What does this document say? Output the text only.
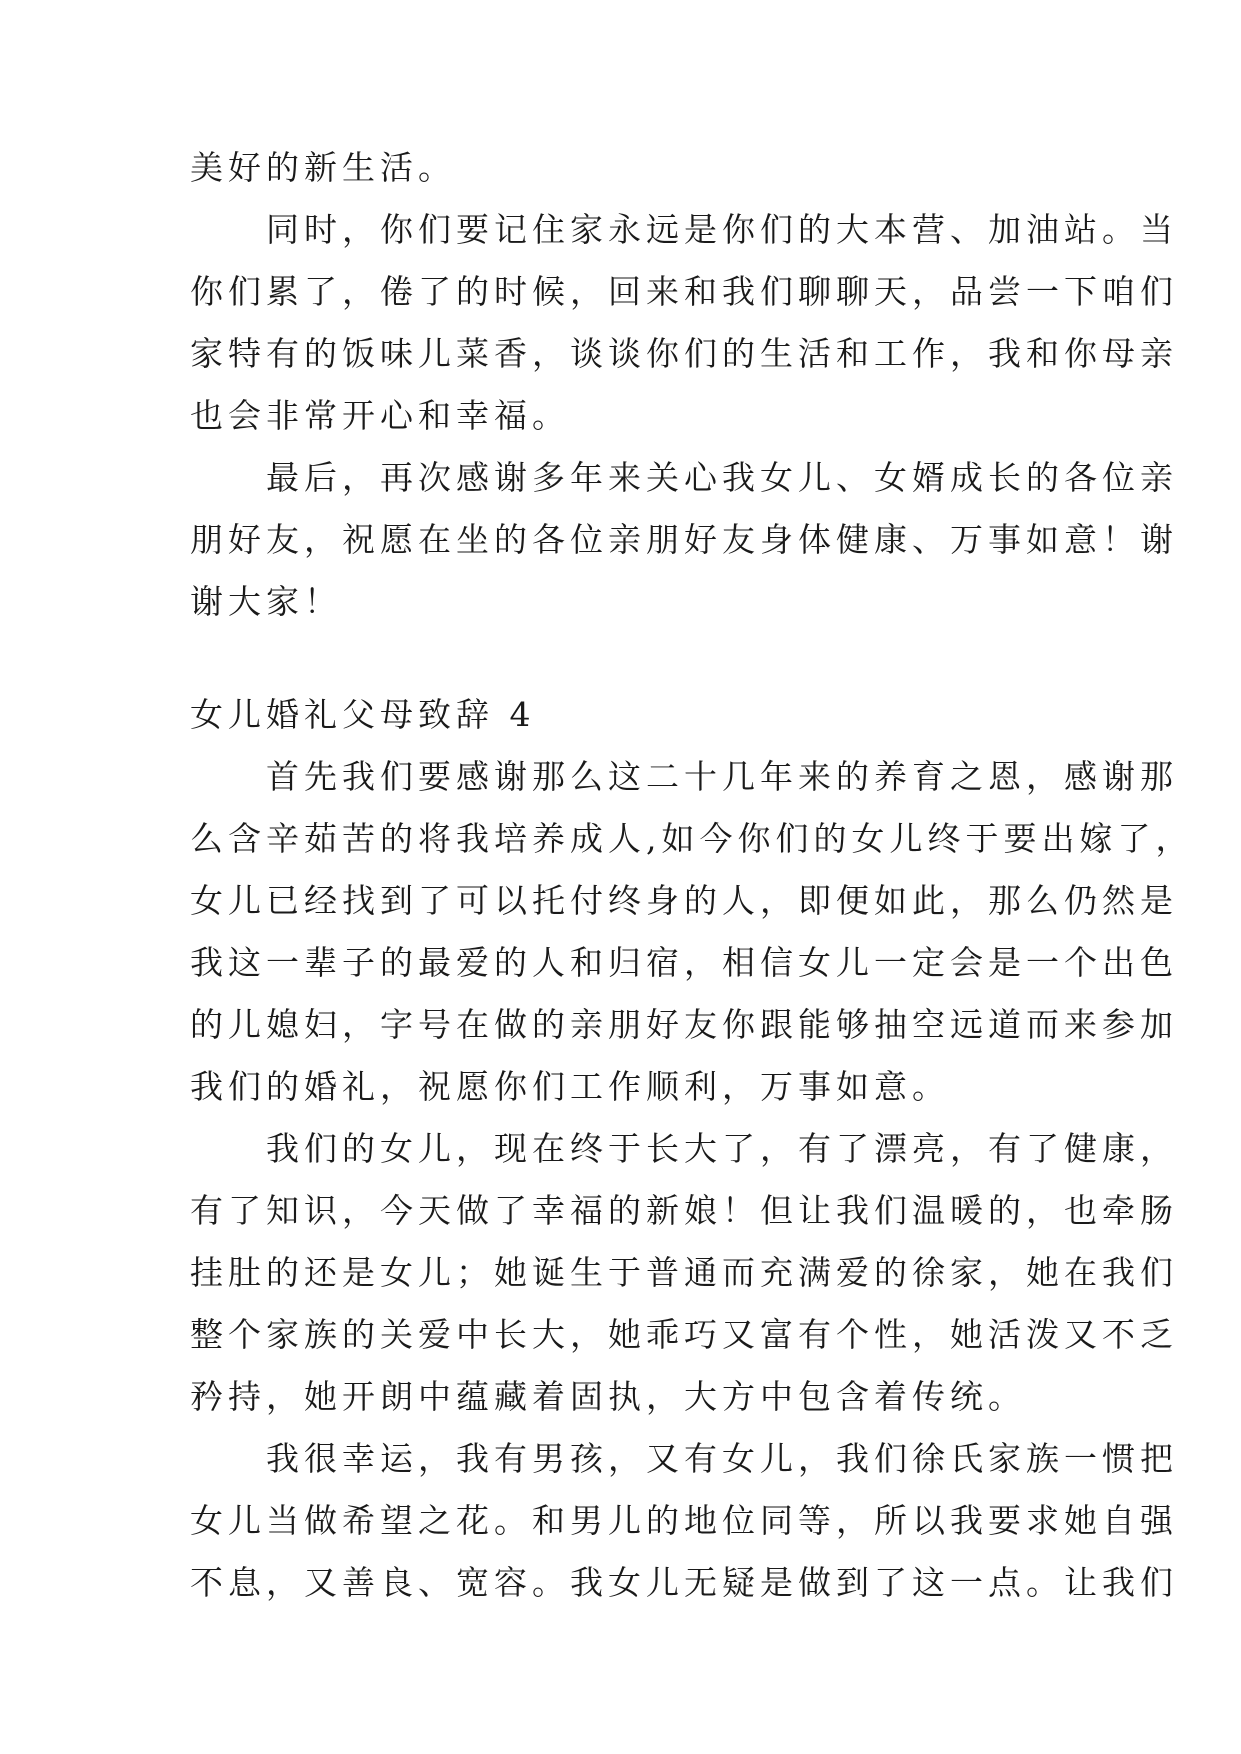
美好的新生活。

　　同时，你们要记住家永远是你们的大本营、加油站。当

你们累了，倦了的时候，回来和我们聊聊天，品尝一下咱们

家特有的饭味儿菜香，谈谈你们的生活和工作，我和你母亲

也会非常开心和幸福。

　　最后，再次感谢多年来关心我女儿、女婿成长的各位亲

朋好友，祝愿在坐的各位亲朋好友身体健康、万事如意！谢

谢大家！

女儿婚礼父母致辞 4

　　首先我们要感谢那么这二十几年来的养育之恩，感谢那

么含辛茹苦的将我培养成人,如今你们的女儿终于要出嫁了，

女儿已经找到了可以托付终身的人，即便如此，那么仍然是

我这一辈子的最爱的人和归宿，相信女儿一定会是一个出色

的儿媳妇，字号在做的亲朋好友你跟能够抽空远道而来参加

我们的婚礼，祝愿你们工作顺利，万事如意。

　　我们的女儿，现在终于长大了，有了漂亮，有了健康，

有了知识，今天做了幸福的新娘！但让我们温暖的，也牵肠

挂肚的还是女儿；她诞生于普通而充满爱的徐家，她在我们

整个家族的关爱中长大，她乖巧又富有个性，她活泼又不乏

矜持，她开朗中蕴藏着固执，大方中包含着传统。

　　我很幸运，我有男孩，又有女儿，我们徐氏家族一惯把

女儿当做希望之花。和男儿的地位同等，所以我要求她自强

不息，又善良、宽容。我女儿无疑是做到了这一点。让我们
